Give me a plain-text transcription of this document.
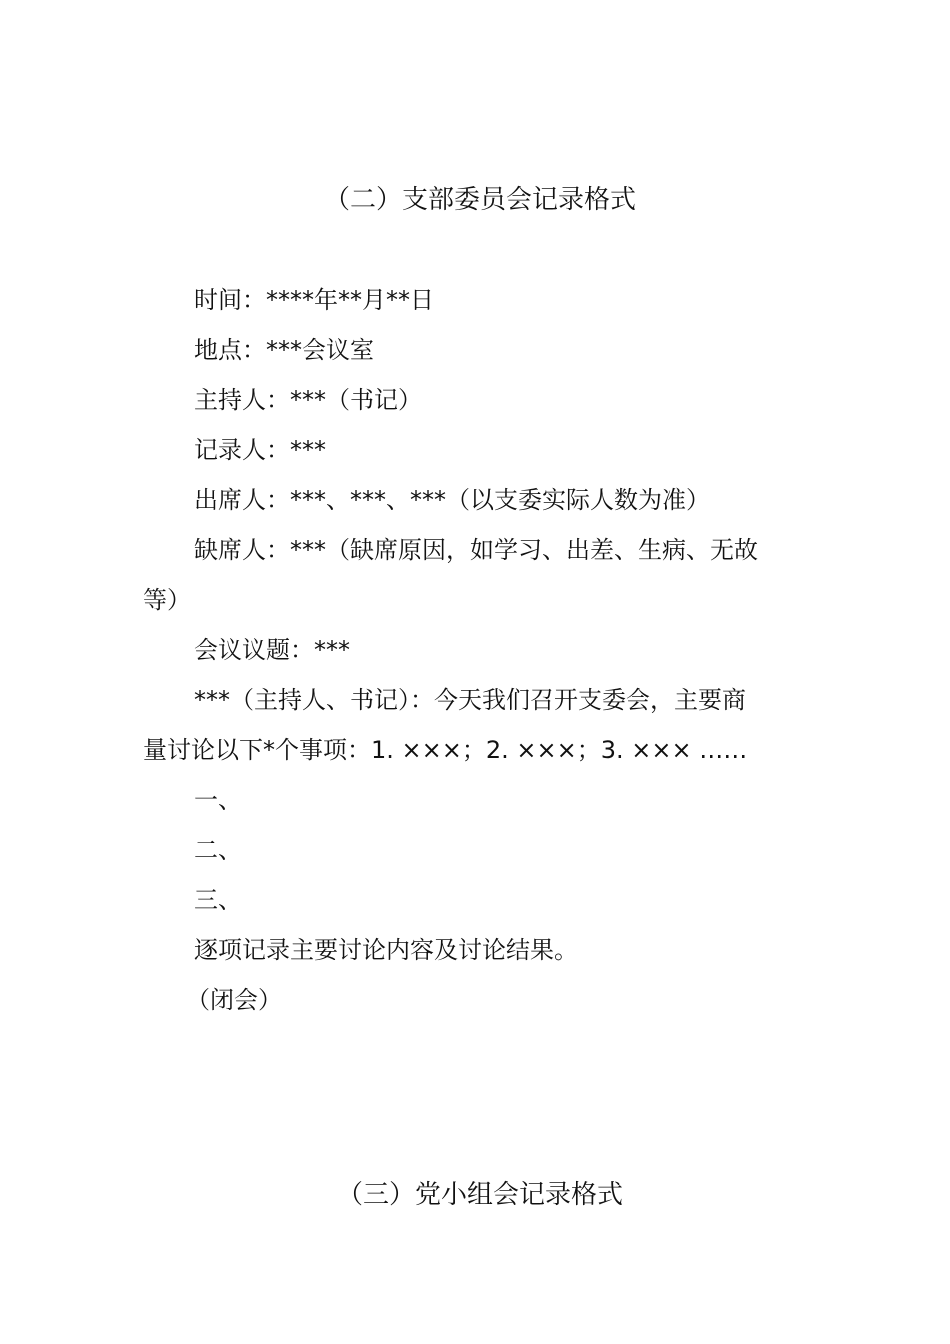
（二）支部委员会记录格式
时间：****年**月**日
地点：***会议室
主持人：***（书记）
记录人：***
出席人：***、***、***（以支委实际人数为准）
缺席人：***（缺席原因，如学习、出差、生病、无故
等）
会议议题：***
***（主持人、书记）：今天我们召开支委会，主要商
量讨论以下*个事项：1. ×××；2. ×××；3. ××× ……
一、
二、
三、
逐项记录主要讨论内容及讨论结果。
（闭会）
（三）党小组会记录格式
